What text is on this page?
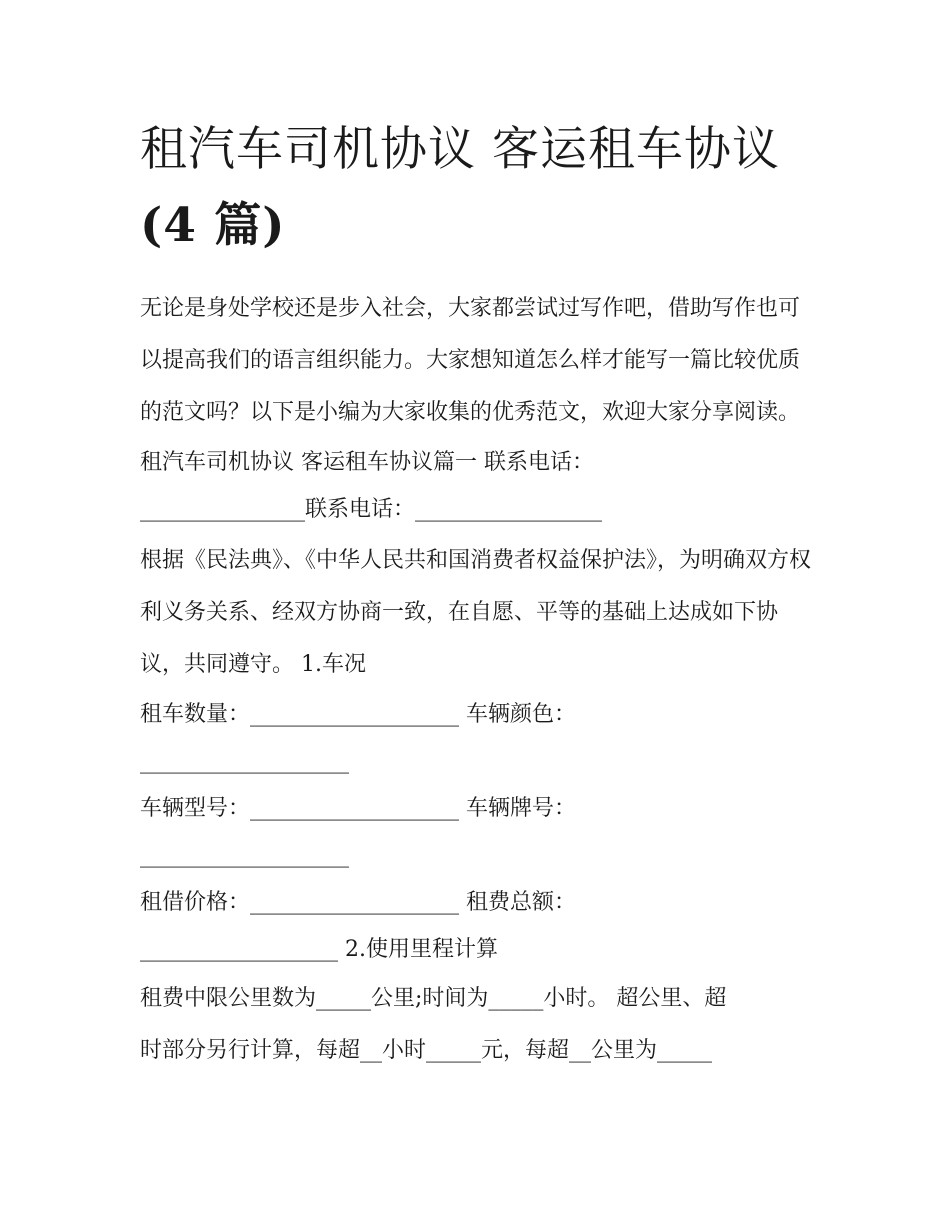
租汽车司机协议 客运租车协议
(4 篇)

无论是身处学校还是步入社会，大家都尝试过写作吧，借助写作也可以提高我们的语言组织能力。大家想知道怎么样才能写一篇比较优质的范文吗？以下是小编为大家收集的优秀范文，欢迎大家分享阅读。

租汽车司机协议 客运租车协议篇一 联系电话：

_______________联系电话：_________________

根据《民法典》、《中华人民共和国消费者权益保护法》，为明确双方权利义务关系、经双方协商一致，在自愿、平等的基础上达成如下协议，共同遵守。 1.车况

租车数量：___________________ 车辆颜色：

___________________

车辆型号：___________________ 车辆牌号：

___________________

租借价格：___________________ 租费总额：

__________________ 2.使用里程计算

租费中限公里数为_____公里;时间为_____小时。 超公里、超

时部分另行计算，每超__小时_____元，每超__公里为_____
